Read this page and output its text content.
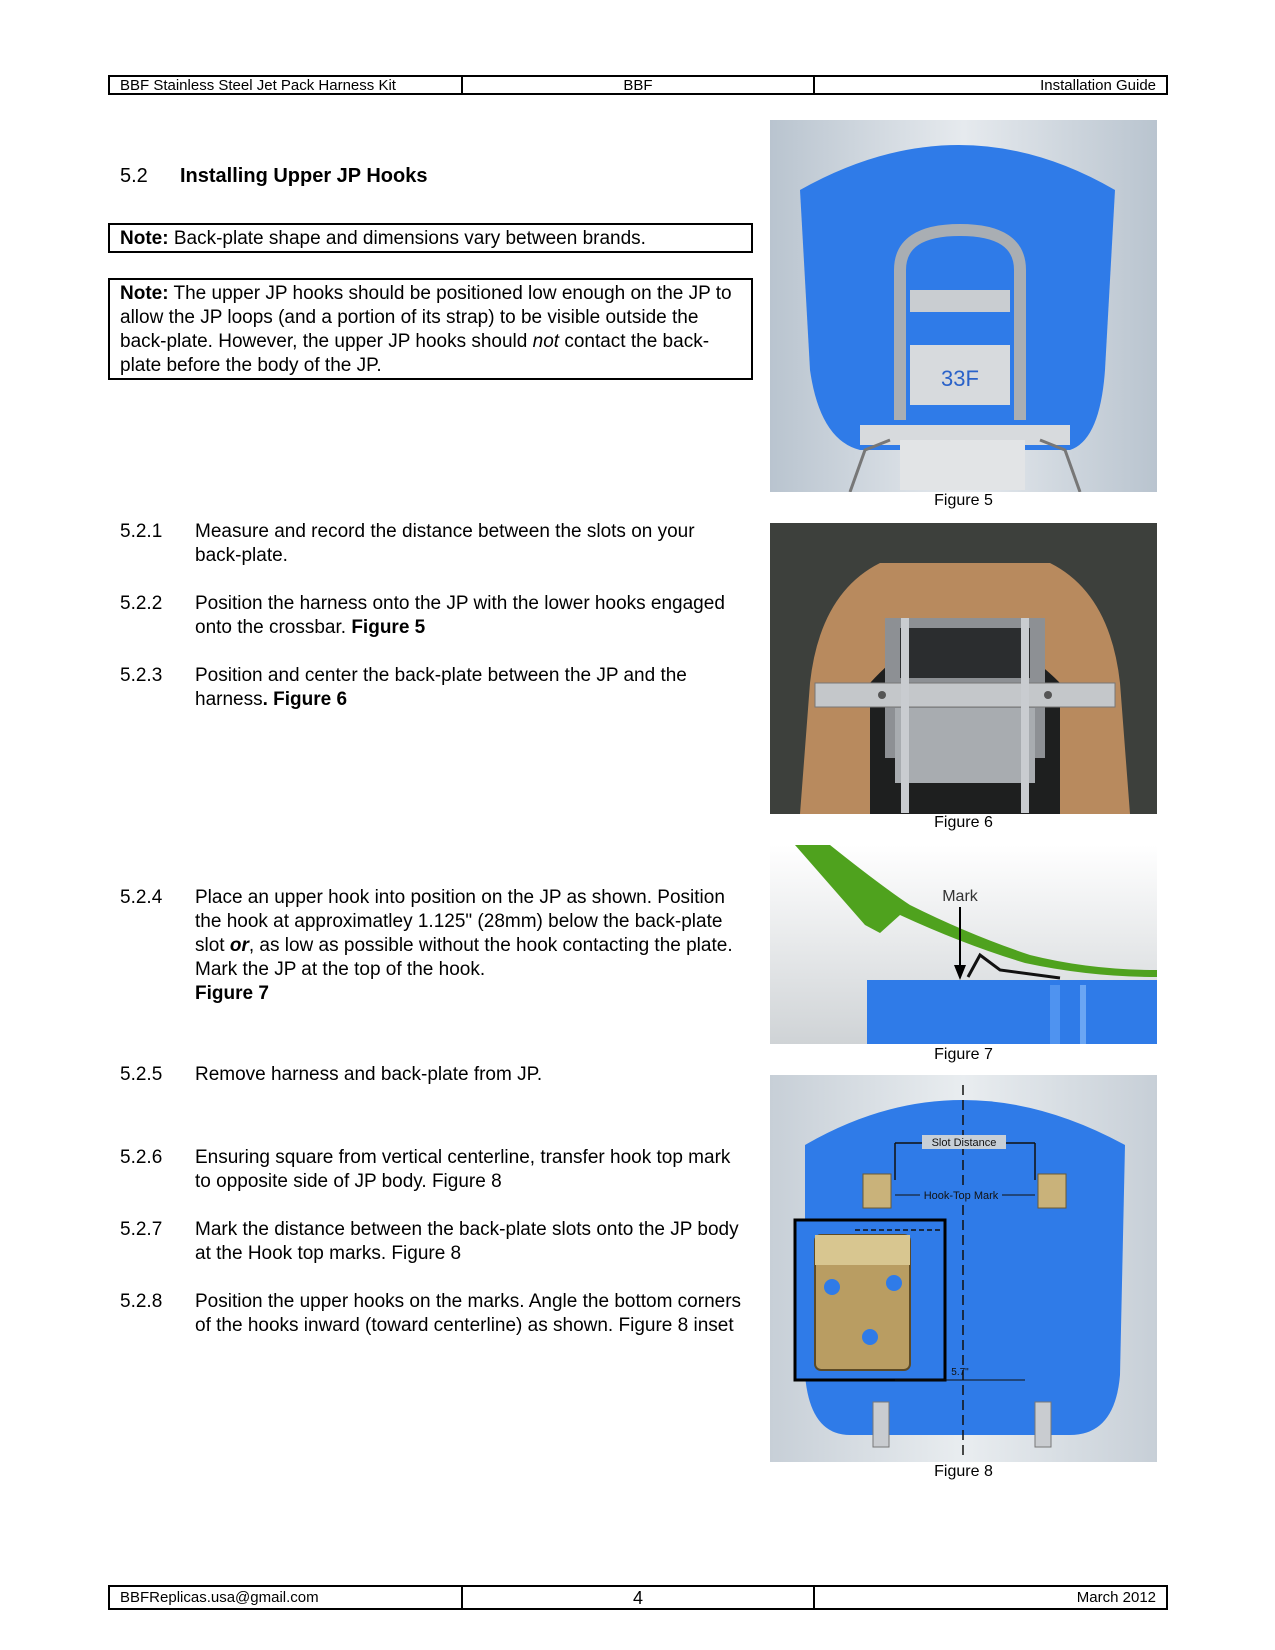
BBF Stainless Steel Jet Pack Harness Kit	BBF	Installation Guide
5.2 Installing Upper JP Hooks
Note: Back-plate shape and dimensions vary between brands.
Note: The upper JP hooks should be positioned low enough on the JP to allow the JP loops (and a portion of its strap) to be visible outside the back-plate. However, the upper JP hooks should not contact the back-plate before the body of the JP.
5.2.1	Measure and record the distance between the slots on your back-plate.
5.2.2	Position the harness onto the JP with the lower hooks engaged onto the crossbar. Figure 5
5.2.3	Position and center the back-plate between the JP and the harness. Figure 6
5.2.4	Place an upper hook into position on the JP as shown. Position the hook at approximatley 1.125" (28mm) below the back-plate slot or, as low as possible without the hook contacting the plate. Mark the JP at the top of the hook.
Figure 7
5.2.5	Remove harness and back-plate from JP.
5.2.6	Ensuring square from vertical centerline, transfer hook top mark to opposite side of JP body. Figure 8
5.2.7	Mark the distance between the back-plate slots onto the JP body at the Hook top marks. Figure 8
5.2.8	Position the upper hooks on the marks. Angle the bottom corners of the hooks inward (toward centerline) as shown. Figure 8 inset
33F
Figure 5
Figure 6
Mark
Figure 7
Slot Distance
Hook-Top Mark
5.7"
Figure 8
BBFReplicas.usa@gmail.com	4	March 2012
